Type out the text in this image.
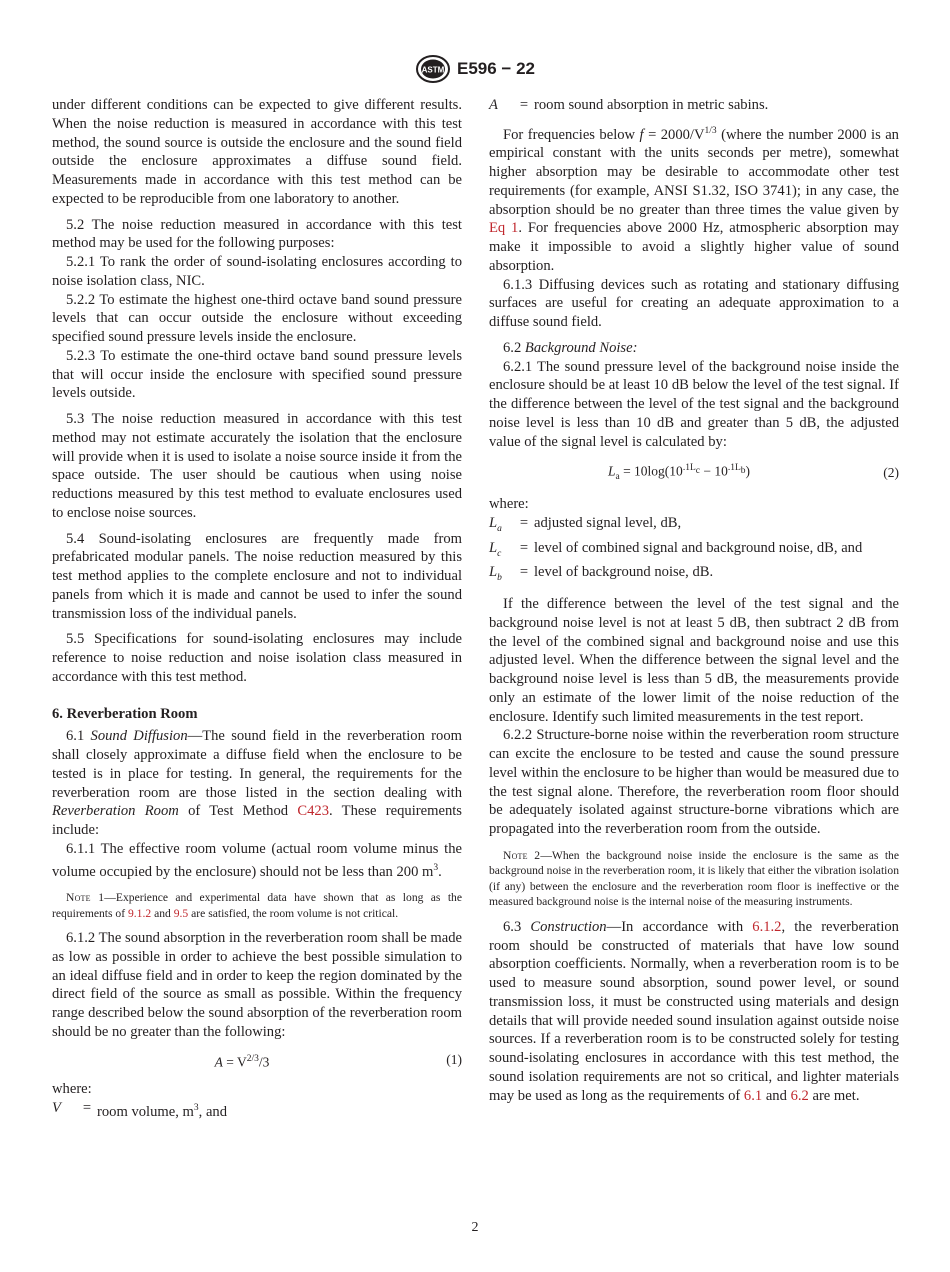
ASTM E596 − 22

under different conditions can be expected to give different results. When the noise reduction is measured in accordance with this test method, the sound source is outside the enclosure and the sound field outside the enclosure approximates a diffuse sound field. Measurements made in accordance with this test method can be expected to be reproducible from one laboratory to another.

5.2 The noise reduction measured in accordance with this test method may be used for the following purposes:

5.2.1 To rank the order of sound-isolating enclosures according to noise isolation class, NIC.

5.2.2 To estimate the highest one-third octave band sound pressure levels that can occur outside the enclosure without exceeding specified sound pressure levels inside the enclosure.

5.2.3 To estimate the one-third octave band sound pressure levels that will occur inside the enclosure with specified sound pressure levels outside.

5.3 The noise reduction measured in accordance with this test method may not estimate accurately the isolation that the enclosure will provide when it is used to isolate a noise source inside it from the space outside. The user should be cautious when using noise reductions measured by this test method to evaluate enclosures used to enclose noise sources.

5.4 Sound-isolating enclosures are frequently made from prefabricated modular panels. The noise reduction measured by this test method applies to the complete enclosure and not to individual panels from which it is made and cannot be used to infer the sound transmission loss of the individual panels.

5.5 Specifications for sound-isolating enclosures may include reference to noise reduction and noise isolation class measured in accordance with this test method.

6. Reverberation Room

6.1 Sound Diffusion—The sound field in the reverberation room shall closely approximate a diffuse field when the enclosure to be tested is in place for testing. In general, the requirements for the reverberation room are those listed in the section dealing with Reverberation Room of Test Method C423. These requirements include:

6.1.1 The effective room volume (actual room volume minus the volume occupied by the enclosure) should not be less than 200 $m^3$.

Note 1—Experience and experimental data have shown that as long as the requirements of 9.1.2 and 9.5 are satisfied, the room volume is not critical.

6.1.2 The sound absorption in the reverberation room shall be made as low as possible in order to achieve the best possible simulation to an ideal diffuse field and in order to keep the region dominated by the direct field of the source as small as possible. Within the frequency range described below the sound absorption of the reverberation room should be no greater than the following:

$A = V^{2/3}/3$	(1)

where:

V	= room volume, $m^3$, and
A	= room sound absorption in metric sabins.

For frequencies below $f = 2000/V^{1/3}$ (where the number 2000 is an empirical constant with the units seconds per metre), somewhat higher absorption may be desirable to accommodate other test requirements (for example, ANSI S1.32, ISO 3741); in any case, the absorption should be no greater than three times the value given by Eq 1. For frequencies above 2000 Hz, atmospheric absorption may make it impossible to avoid a slightly higher value of sound absorption.

6.1.3 Diffusing devices such as rotating and stationary diffusing surfaces are useful for creating an adequate approximation to a diffuse sound field.

6.2 Background Noise:

6.2.1 The sound pressure level of the background noise inside the enclosure should be at least 10 dB below the level of the test signal. If the difference between the level of the test signal and the background noise level is less than 10 dB and greater than 5 dB, the adjusted value of the signal level is calculated by:

$L_a = 10\log(10^{.1L_c} - 10^{.1L_b})$	(2)

where:

$L_a$	= adjusted signal level, dB,
$L_c$	= level of combined signal and background noise, dB, and
$L_b$	= level of background noise, dB.

If the difference between the level of the test signal and the background noise level is not at least 5 dB, then subtract 2 dB from the level of the combined signal and background noise and use this adjusted level. When the difference between the signal level and the background noise level is less than 5 dB, the measurements provide only an estimate of the lower limit of the noise reduction of the enclosure. Identify such limited measurements in the test report.

6.2.2 Structure-borne noise within the reverberation room structure can excite the enclosure to be tested and cause the sound pressure level within the enclosure to be higher than would be measured due to the test signal alone. Therefore, the reverberation room floor should be adequately isolated against structure-borne vibrations which are propagated into the reverberation room from the outside.

Note 2—When the background noise inside the enclosure is the same as the background noise in the reverberation room, it is likely that either the vibration isolation (if any) between the enclosure and the reverberation room floor is ineffective or the measured background noise is the internal noise of the measuring instruments.

6.3 Construction—In accordance with 6.1.2, the reverberation room should be constructed of materials that have low sound absorption coefficients. Normally, when a reverberation room is to be used to measure sound absorption, sound power level, or sound transmission loss, it must be constructed using materials and design details that will provide needed sound insulation against outside noise sources. If a reverberation room is to be constructed solely for testing sound-isolating enclosures in accordance with this test method, the sound isolation requirements are not so critical, and lighter materials may be used as long as the requirements of 6.1 and 6.2 are met.

2
